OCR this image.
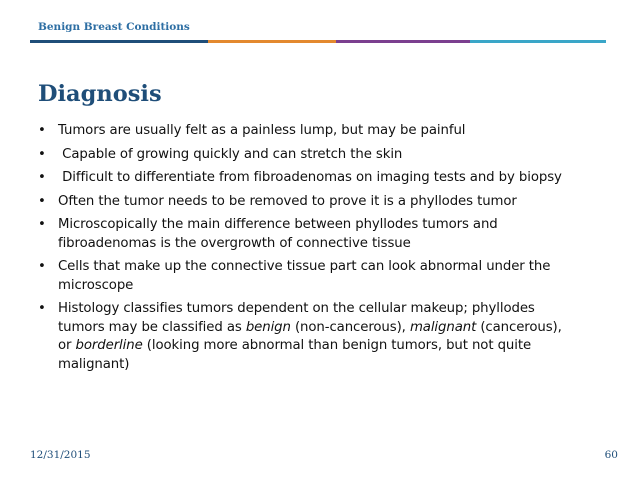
Benign Breast Conditions
Diagnosis
• Tumors are usually felt as a painless lump, but may be painful
• Capable of growing quickly and can stretch the skin
• Difficult to differentiate from fibroadenomas on imaging tests and by biopsy
• Often the tumor needs to be removed to prove it is a phyllodes tumor
• Microscopically the main difference between phyllodes tumors and fibroadenomas is the overgrowth of connective tissue
• Cells that make up the connective tissue part can look abnormal under the microscope
• Histology classifies tumors dependent on the cellular makeup; phyllodes tumors may be classified as benign (non-cancerous), malignant (cancerous), or borderline (looking more abnormal than benign tumors, but not quite malignant)
12/31/2015	60
